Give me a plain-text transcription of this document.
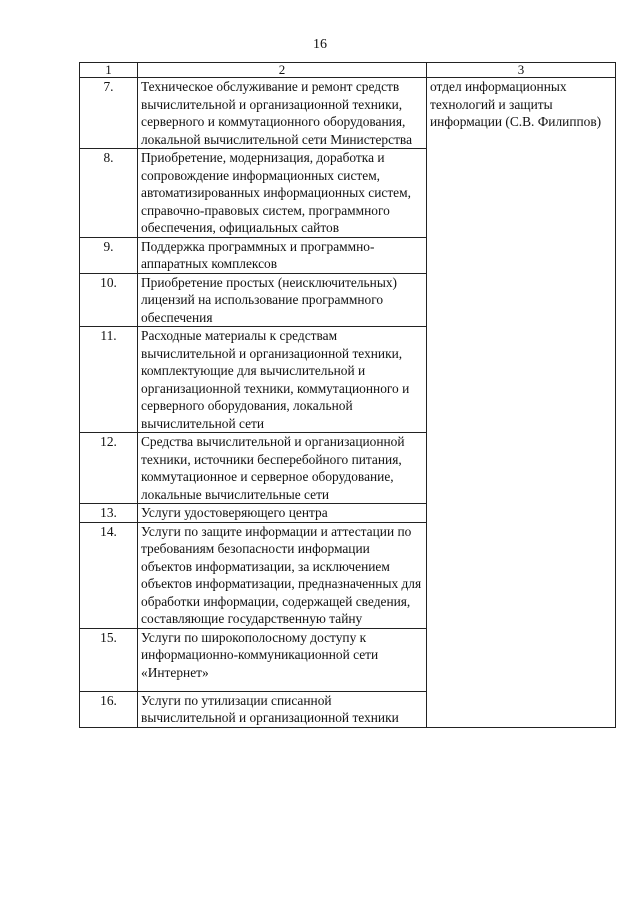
16
1	2	3
7.	Техническое обслуживание и ремонт средств вычислительной и организационной техники, серверного и коммутационного оборудования, локальной вычислительной сети Министерства	отдел информационных технологий и защиты информации (С.В. Филиппов)
8.	Приобретение, модернизация, доработка и сопровождение информационных систем, автоматизированных информационных систем, справочно-правовых систем, программного обеспечения, официальных сайтов	
9.	Поддержка программных и программно-аппаратных комплексов	
10.	Приобретение простых (неисключительных) лицензий на использование программного обеспечения	
11.	Расходные материалы к средствам вычислительной и организационной техники, комплектующие для вычислительной и организационной техники, коммутационного и серверного оборудования, локальной вычислительной сети	
12.	Средства вычислительной и организационной техники, источники бесперебойного питания, коммутационное и серверное оборудование, локальные вычислительные сети	
13.	Услуги удостоверяющего центра	
14.	Услуги по защите информации и аттестации по требованиям безопасности информации объектов информатизации, за исключением объектов информатизации, предназначенных для обработки информации, содержащей сведения, составляющие государственную тайну	
15.	Услуги по широкополосному доступу к информационно-коммуникационной сети «Интернет»	
16.	Услуги по утилизации списанной вычислительной и организационной техники	
